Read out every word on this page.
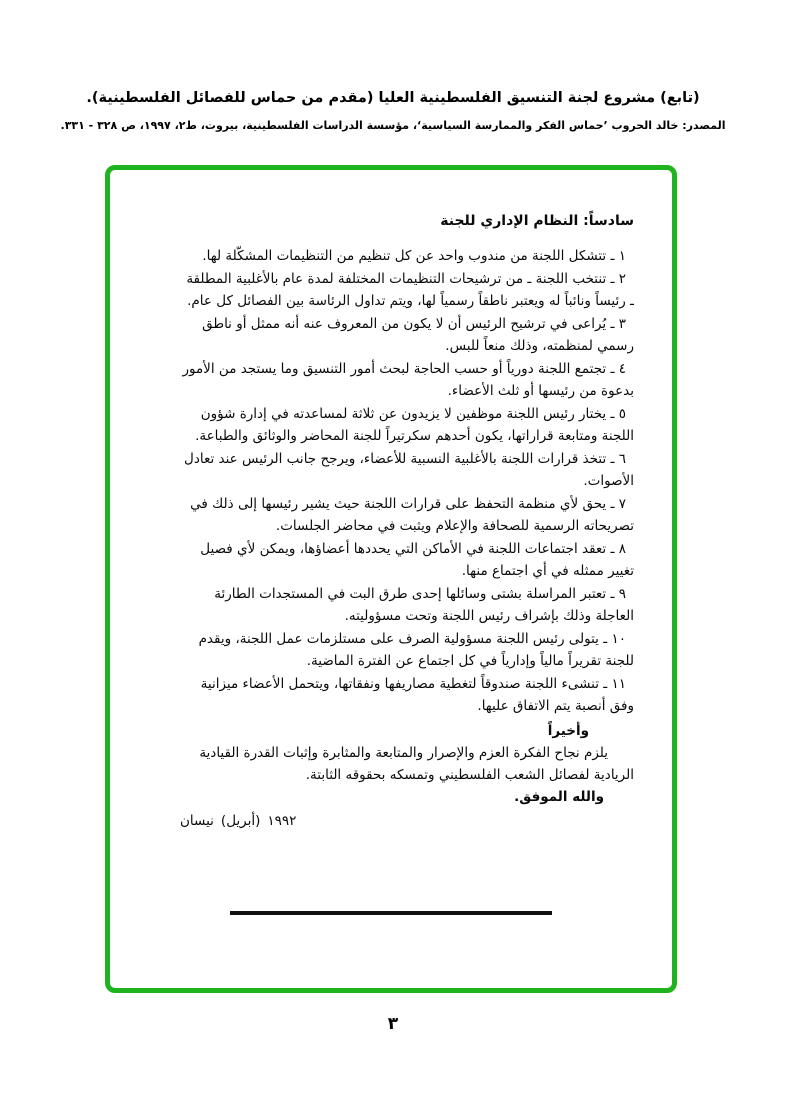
(تابع) مشروع لجنة التنسيق الفلسطينية العليا (مقدم من حماس للفصائل الفلسطينية).
المصدر: خالد الحروب ’حماس الفكر والممارسة السياسية‘، مؤسسة الدراسات الفلسطينية، بيروت، ط٢، ١٩٩٧، ص ٣٢٨ - ٣٣١.

سادساً: النظام الإداري للجنة

١ ـ تتشكل اللجنة من مندوب واحد عن كل تنظيم من التنظيمات المشكّلة لها.

٢ ـ تنتخب اللجنة ـ من ترشيحات التنظيمات المختلفة لمدة عام بالأغلبية المطلقة ـ رئيساً ونائباً له ويعتبر ناطقاً رسمياً لها، ويتم تداول الرئاسة بين الفصائل كل عام.

٣ ـ يُراعى في ترشيح الرئيس أن لا يكون من المعروف عنه أنه ممثل أو ناطق رسمي لمنظمته، وذلك منعاً للبس.

٤ ـ تجتمع اللجنة دورياً أو حسب الحاجة لبحث أمور التنسيق وما يستجد من الأمور بدعوة من رئيسها أو ثلث الأعضاء.

٥ ـ يختار رئيس اللجنة موظفين لا يزيدون عن ثلاثة لمساعدته في إدارة شؤون اللجنة ومتابعة قراراتها، يكون أحدهم سكرتيراً للجنة المحاضر والوثائق والطباعة.

٦ ـ تتخذ قرارات اللجنة بالأغلبية النسبية للأعضاء، ويرجح جانب الرئيس عند تعادل الأصوات.

٧ ـ يحق لأي منظمة التحفظ على قرارات اللجنة حيث يشير رئيسها إلى ذلك في تصريحاته الرسمية للصحافة والإعلام ويثبت في محاضر الجلسات.

٨ ـ تعقد اجتماعات اللجنة في الأماكن التي يحددها أعضاؤها، ويمكن لأي فصيل تغيير ممثله في أي اجتماع منها.

٩ ـ تعتبر المراسلة بشتى وسائلها إحدى طرق البت في المستجدات الطارئة العاجلة وذلك بإشراف رئيس اللجنة وتحت مسؤوليته.

١٠ ـ يتولى رئيس اللجنة مسؤولية الصرف على مستلزمات عمل اللجنة، ويقدم للجنة تقريراً مالياً وإدارياً في كل اجتماع عن الفترة الماضية.

١١ ـ تنشىء اللجنة صندوقاً لتغطية مصاريفها ونفقاتها، ويتحمل الأعضاء ميزانية وفق أنصبة يتم الاتفاق عليها.

وأخيراً

يلزم نجاح الفكرة العزم والإصرار والمتابعة والمثابرة وإثبات القدرة القيادية الريادية لفصائل الشعب الفلسطيني وتمسكه بحقوقه الثابتة.

والله الموفق.

نيسان (أبريل) ١٩٩٢
٣
